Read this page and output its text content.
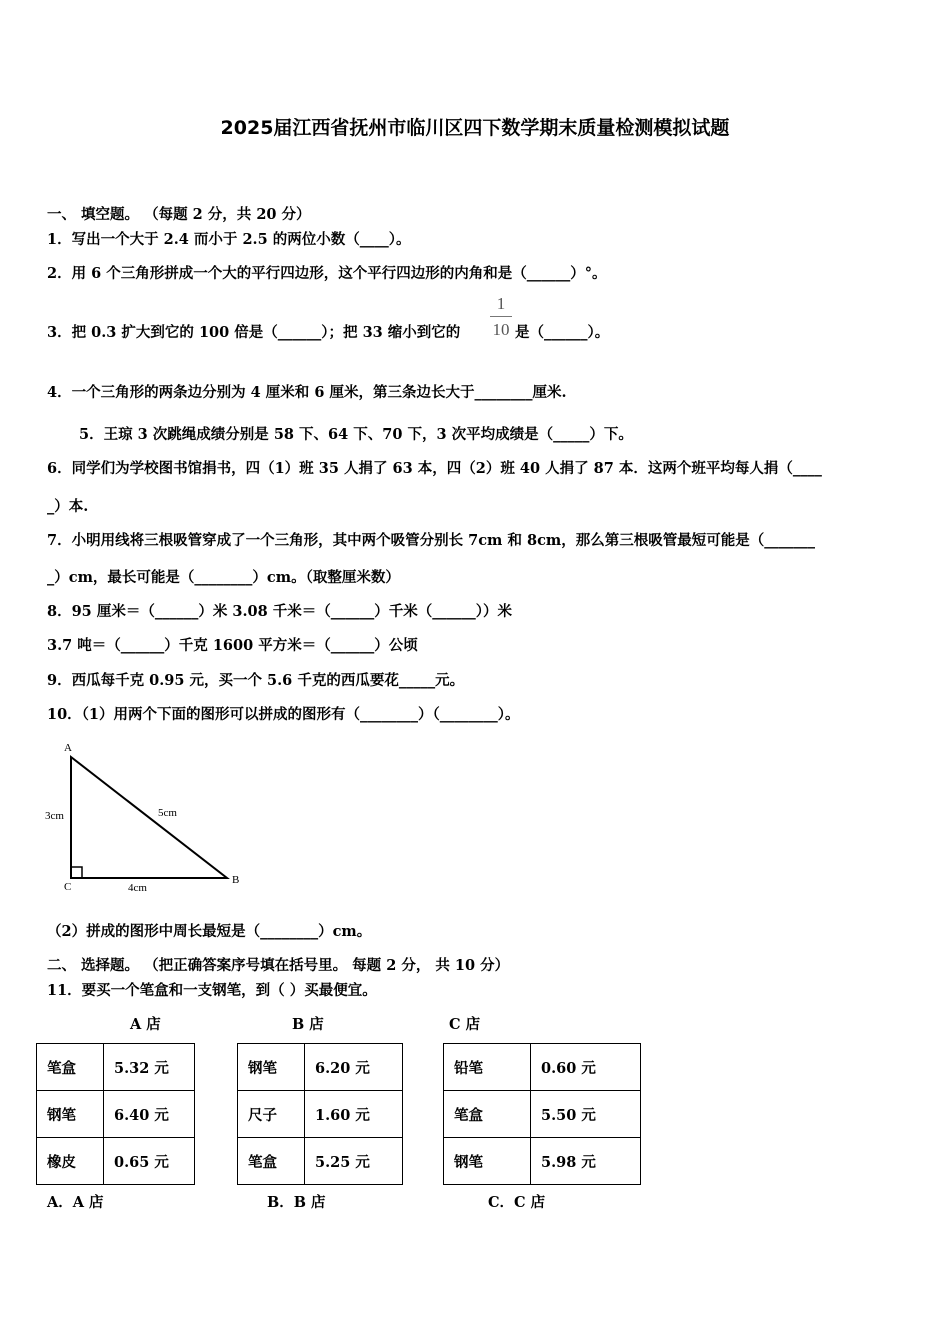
2025届江西省抚州市临川区四下数学期末质量检测模拟试题
一、 填空题。 （每题 2 分，共 20 分）
1．写出一个大于 2.4 而小于 2.5 的两位小数（____）。
2．用 6 个三角形拼成一个大的平行四边形，这个平行四边形的内角和是（______）°。
3．把 0.3 扩大到它的 100 倍是（______）；把 33 缩小到它的
1
10 是（______）。
4．一个三角形的两条边分别为 4 厘米和 6 厘米，第三条边长大于________厘米.
5．王琼 3 次跳绳成绩分别是 58 下、64 下、70 下，3 次平均成绩是（_____）下。
6．同学们为学校图书馆捐书，四（1）班 35 人捐了 63 本，四（2）班 40 人捐了 87 本．这两个班平均每人捐（____
_）本.
7．小明用线将三根吸管穿成了一个三角形，其中两个吸管分别长 7cm 和 8cm，那么第三根吸管最短可能是（_______
_）cm，最长可能是（________）cm。（取整厘米数）
8．95 厘米＝（______）米 3.08 千米＝（______）千米（______））米
3.7 吨＝（______）千克 1600 平方米＝（______）公顷
9．西瓜每千克 0.95 元，买一个 5.6 千克的西瓜要花_____元。
10．（1）用两个下面的图形可以拼成的图形有（________）（________）。
A
B
C
3cm	5cm
4cm
（2）拼成的图形中周长最短是（________）cm。
二、 选择题。 （把正确答案序号填在括号里。 每题 2 分， 共 10 分）
11．要买一个笔盒和一支钢笔，到（ ）买最便宜。
A 店
笔盒	5.32 元
钢笔	6.40 元
橡皮	0.65 元
A．A 店
B 店
钢笔	6.20 元
尺子	1.60 元
笔盒	5.25 元
B．B 店
C 店
铅笔	0.60 元
笔盒	5.50 元
钢笔	5.98 元
C．C 店
